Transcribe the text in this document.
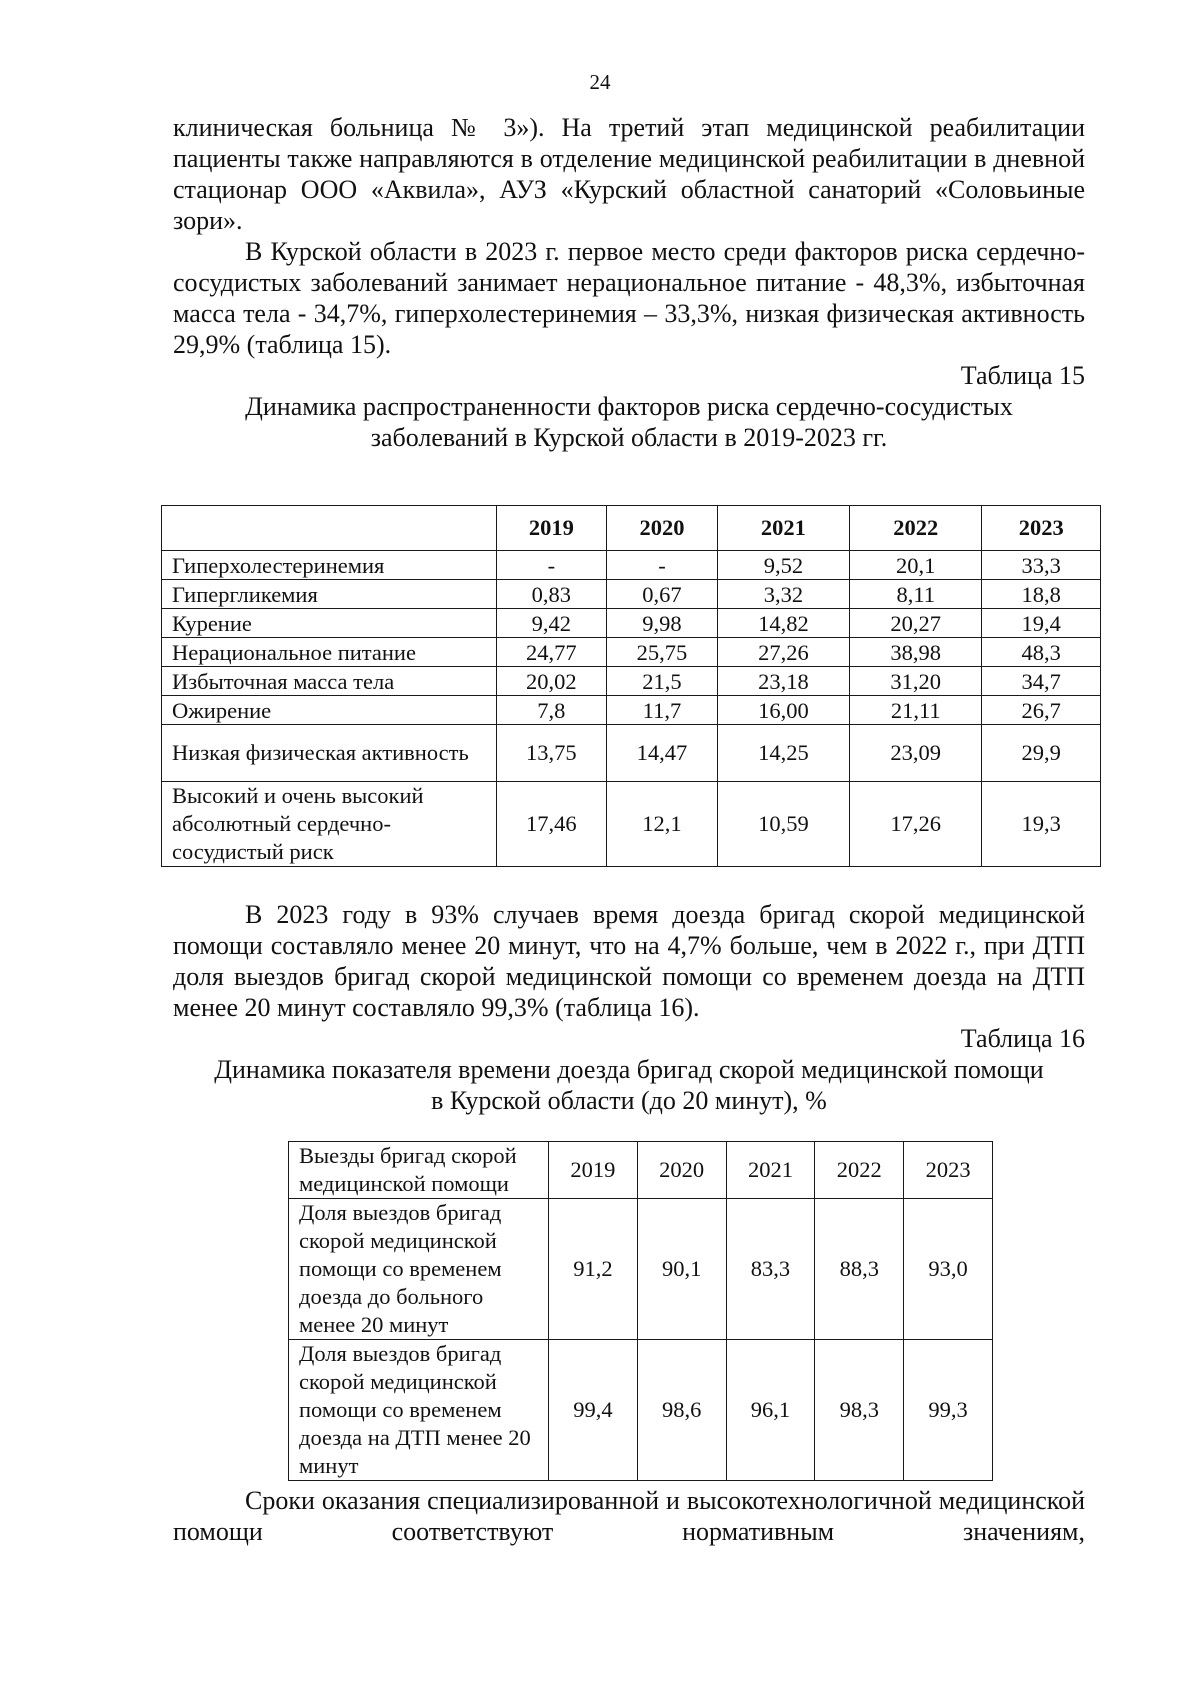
24

клиническая больница № 3»). На третий этап медицинской реабилитации пациенты также направляются в отделение медицинской реабилитации в дневной стационар ООО «Аквила», АУЗ «Курский областной санаторий «Соловьиные зори».

В Курской области в 2023 г. первое место среди факторов риска сердечно-сосудистых заболеваний занимает нерациональное питание - 48,3%, избыточная масса тела - 34,7%, гиперхолестеринемия – 33,3%, низкая физическая активность 29,9% (таблица 15).

Таблица 15

Динамика распространенности факторов риска сердечно-сосудистых

заболеваний в Курской области в 2019-2023 гг.

	2019	2020	2021	2022	2023
Гиперхолестеринемия	-	-	9,52	20,1	33,3
Гипергликемия	0,83	0,67	3,32	8,11	18,8
Курение	9,42	9,98	14,82	20,27	19,4
Нерациональное питание	24,77	25,75	27,26	38,98	48,3
Избыточная масса тела	20,02	21,5	23,18	31,20	34,7
Ожирение	7,8	11,7	16,00	21,11	26,7
Низкая физическая активность	13,75	14,47	14,25	23,09	29,9
Высокий и очень высокий абсолютный сердечно-сосудистый риск	17,46	12,1	10,59	17,26	19,3

В 2023 году в 93% случаев время доезда бригад скорой медицинской помощи составляло менее 20 минут, что на 4,7% больше, чем в 2022 г., при ДТП доля выездов бригад скорой медицинской помощи со временем доезда на ДТП менее 20 минут составляло 99,3% (таблица 16).

Таблица 16

Динамика показателя времени доезда бригад скорой медицинской помощи

в Курской области (до 20 минут), %

Выезды бригад скорой медицинской помощи	2019	2020	2021	2022	2023
Доля выездов бригад скорой медицинской помощи со временем доезда до больного менее 20 минут	91,2	90,1	83,3	88,3	93,0
Доля выездов бригад скорой медицинской помощи со временем доезда на ДТП менее 20 минут	99,4	98,6	96,1	98,3	99,3

Сроки оказания специализированной и высокотехнологичной медицинской помощи соответствуют нормативным значениям,
